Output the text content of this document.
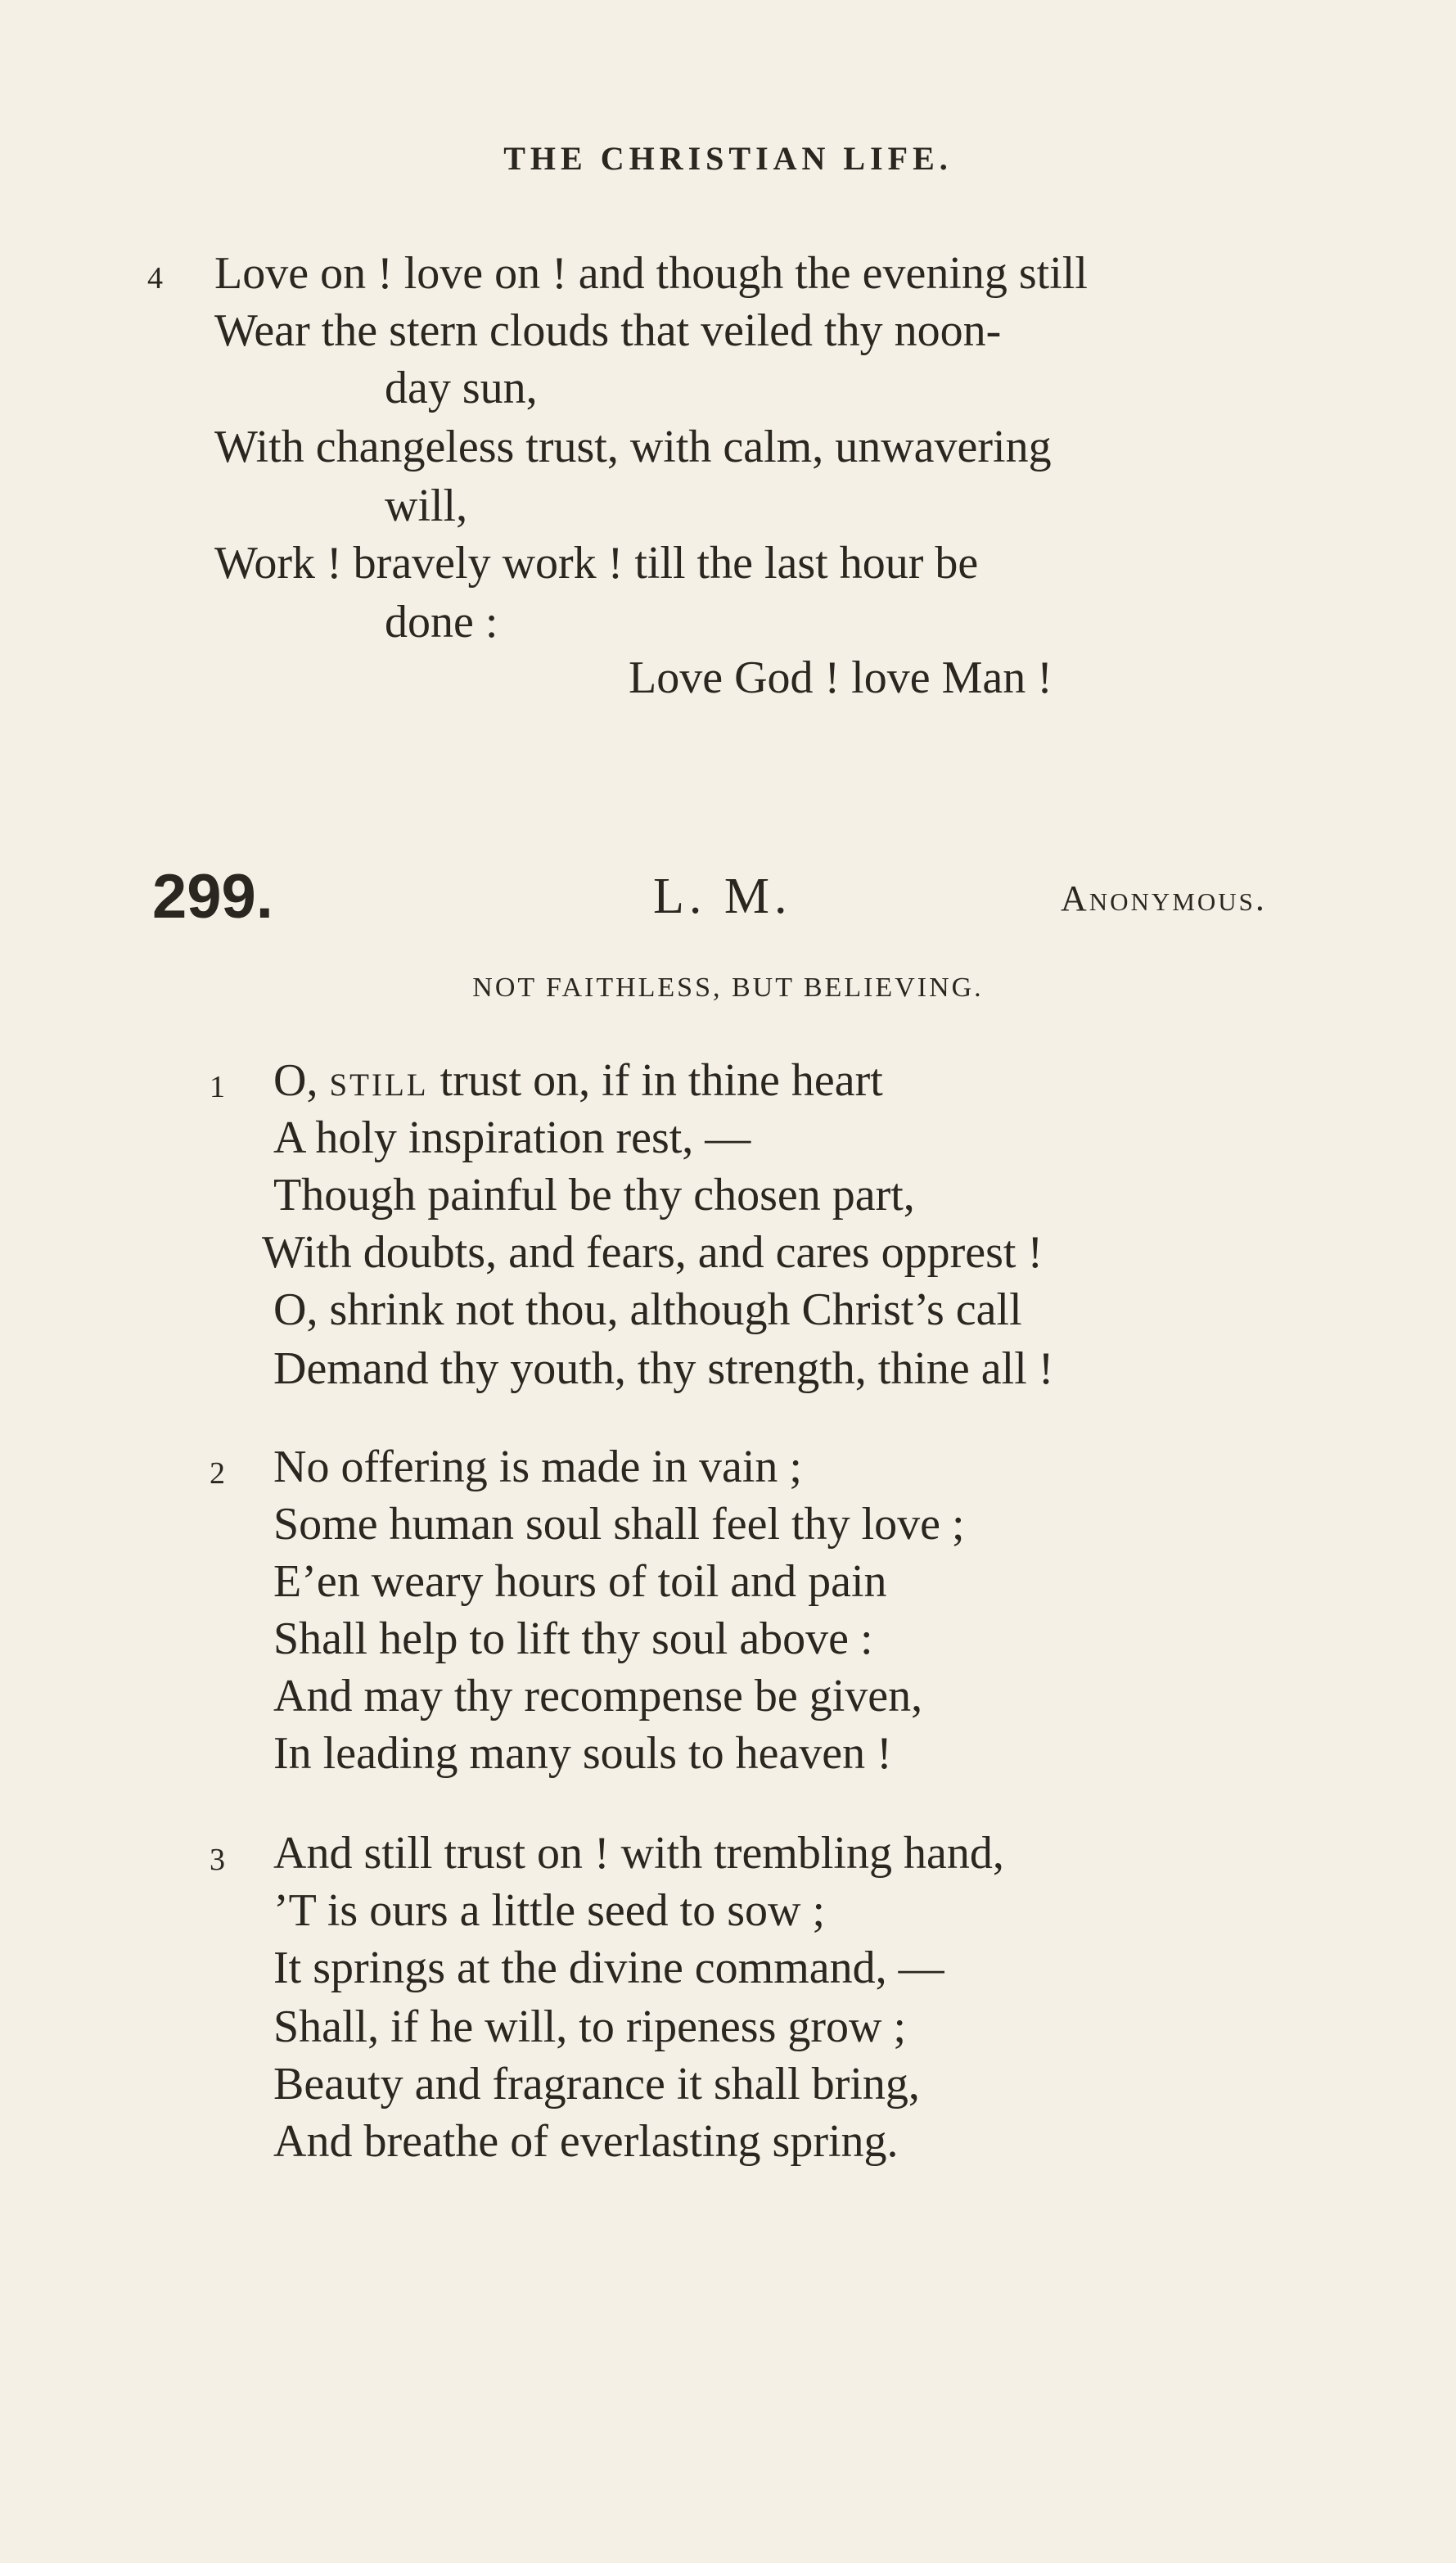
THE CHRISTIAN LIFE.
4 Love on ! love on ! and though the evening still
Wear the stern clouds that veiled thy noon-
day sun,
With changeless trust, with calm, unwavering
will,
Work ! bravely work ! till the last hour be
done :
Love God ! love Man !
299.	L. M.	Anonymous.
NOT FAITHLESS, BUT BELIEVING.
1 O, still trust on, if in thine heart
A holy inspiration rest, —
Though painful be thy chosen part,
With doubts, and fears, and cares opprest !
O, shrink not thou, although Christ’s call
Demand thy youth, thy strength, thine all !
2 No offering is made in vain ;
Some human soul shall feel thy love ;
E’en weary hours of toil and pain
Shall help to lift thy soul above :
And may thy recompense be given,
In leading many souls to heaven !
3 And still trust on ! with trembling hand,
’T is ours a little seed to sow ;
It springs at the divine command, —
Shall, if he will, to ripeness grow ;
Beauty and fragrance it shall bring,
And breathe of everlasting spring.
